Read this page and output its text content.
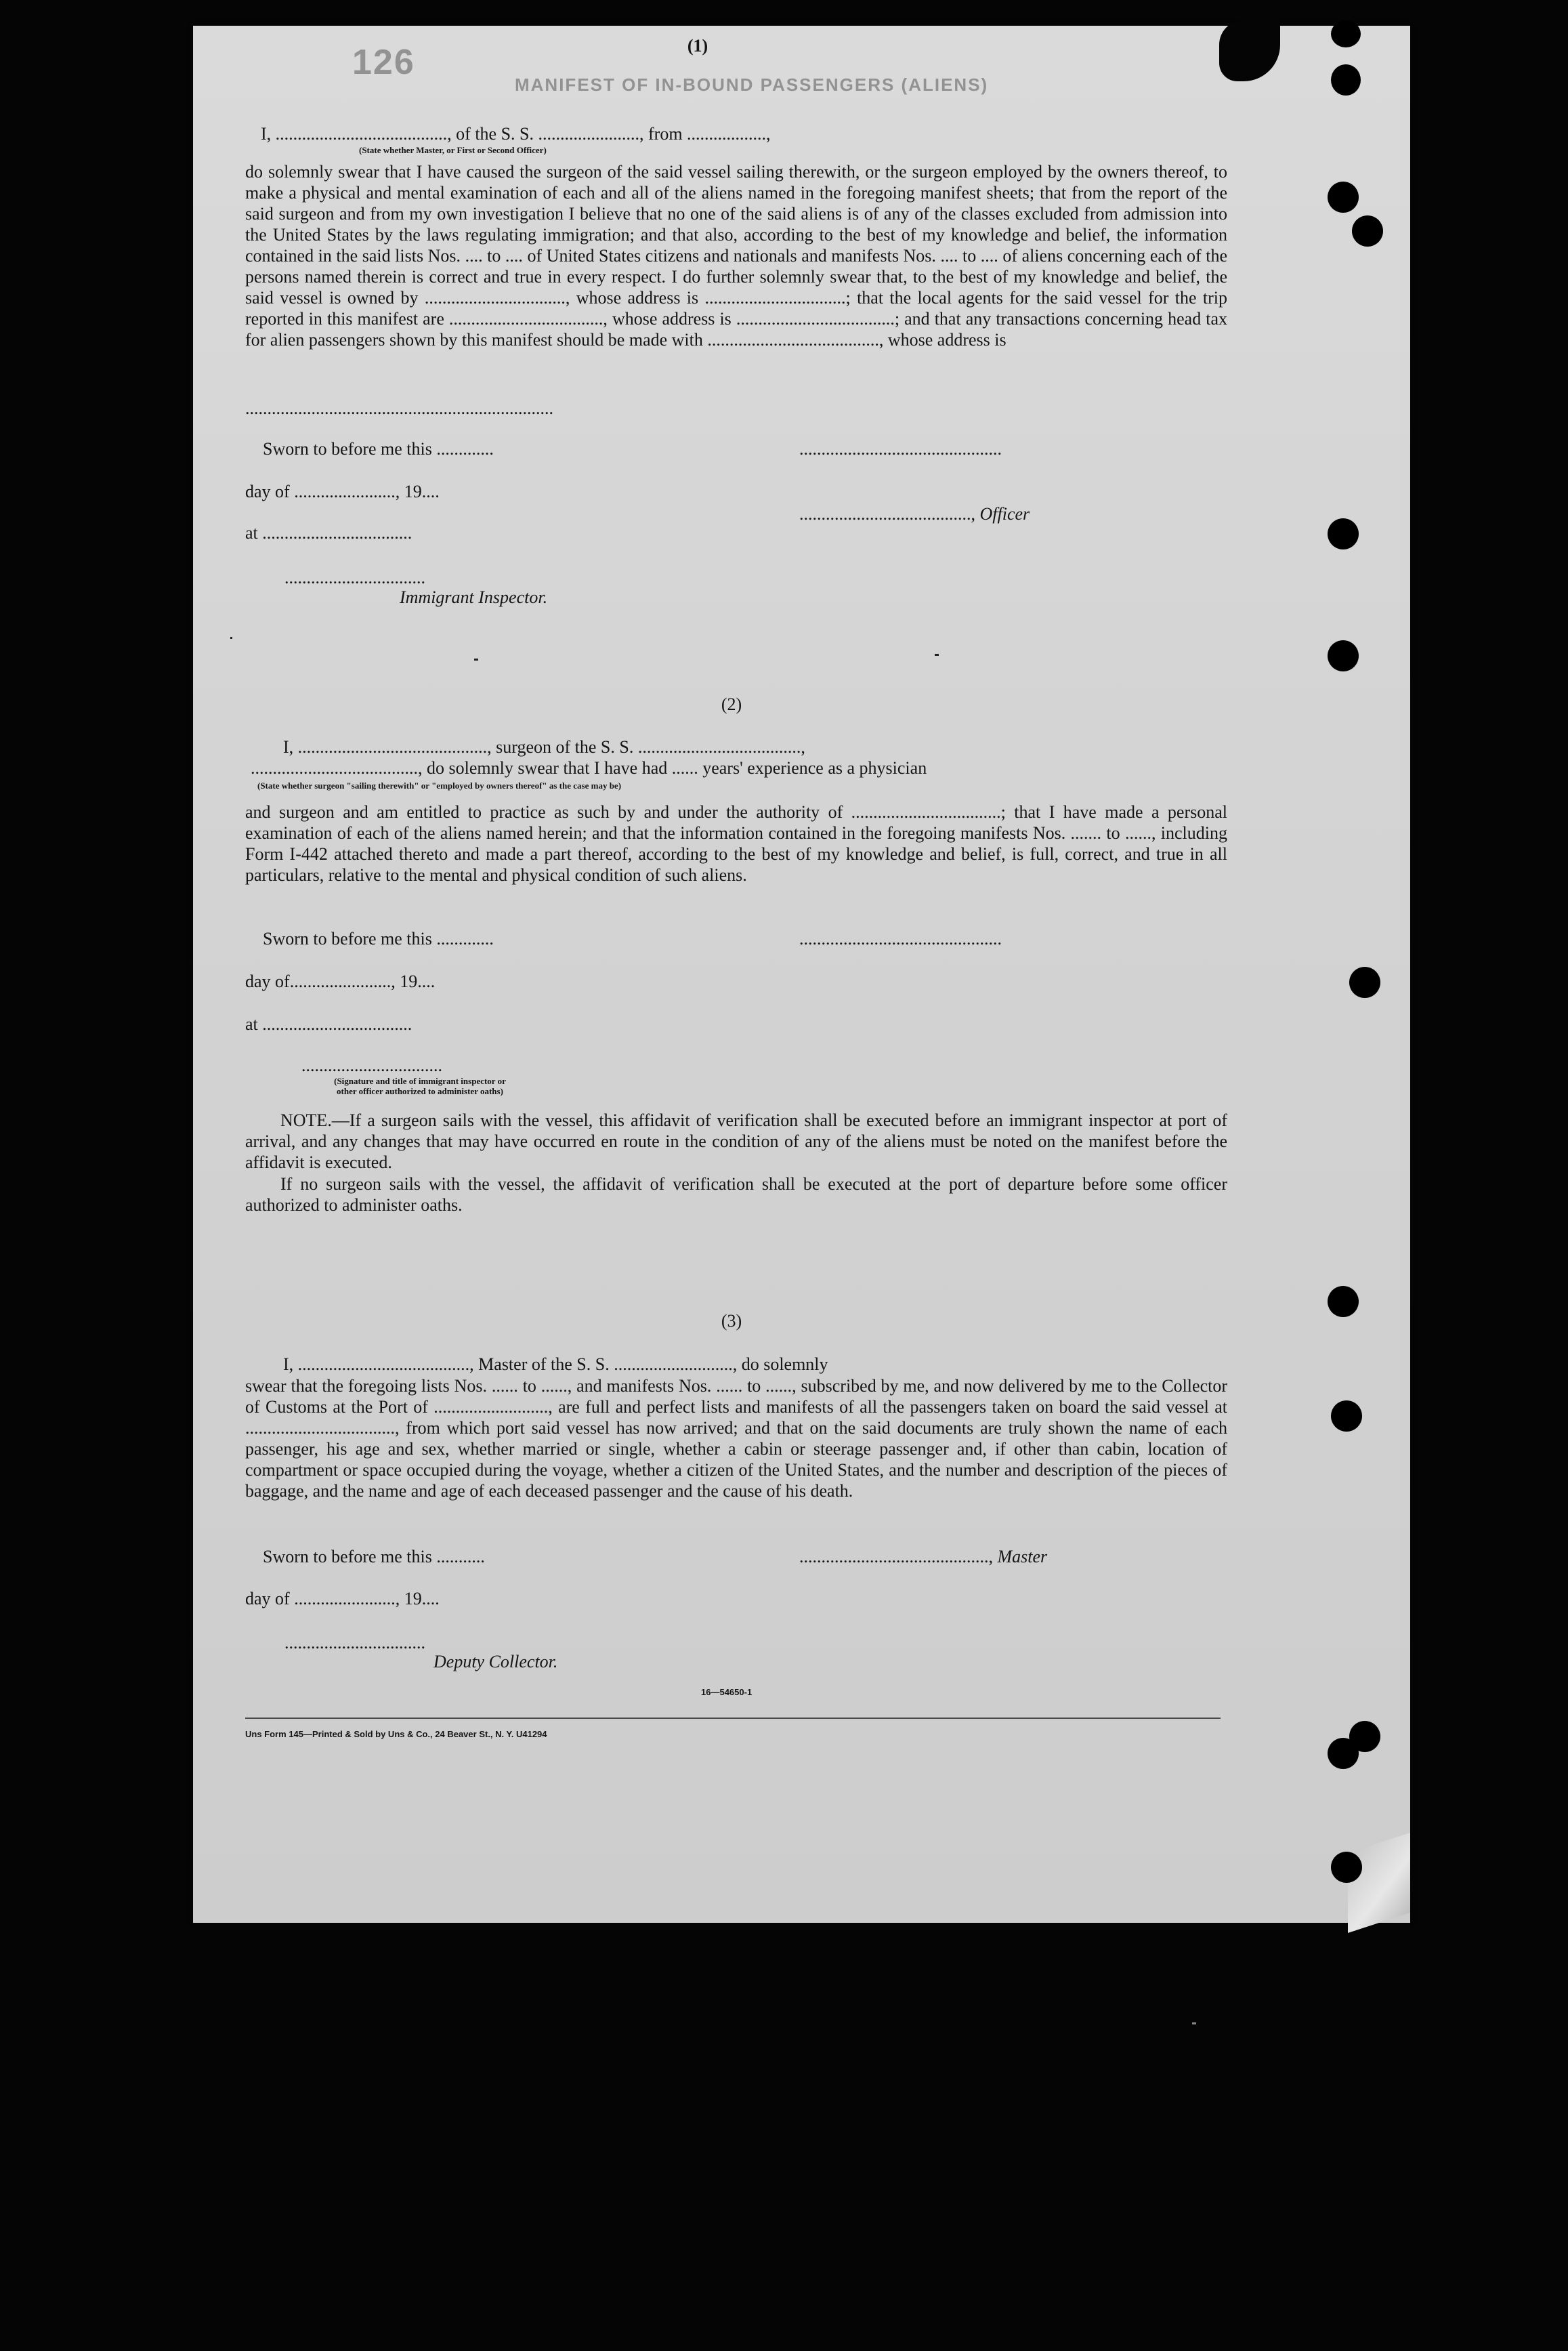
126
MANIFEST OF IN-BOUND PASSENGERS (ALIENS)
(1)
I, ......................................., of the S. S. ......................., from ..................,
(State whether Master, or First or Second Officer)

do solemnly swear that I have caused the surgeon of the said vessel sailing therewith, or the surgeon employed by the owners thereof, to make a physical and mental examination of each and all of the aliens named in the foregoing manifest sheets; that from the report of the said surgeon and from my own investigation I believe that no one of the said aliens is of any of the classes excluded from admission into the United States by the laws regulating immigration; and that also, according to the best of my knowledge and belief, the information contained in the said lists Nos. .... to .... of United States citizens and nationals and manifests Nos. .... to .... of aliens concerning each of the persons named therein is correct and true in every respect. I do further solemnly swear that, to the best of my knowledge and belief, the said vessel is owned by ................................, whose address is ................................; that the local agents for the said vessel for the trip reported in this manifest are ..................................., whose address is ....................................; and that any transactions concerning head tax for alien passengers shown by this manifest should be made with ......................................., whose address is

......................................................................
Sworn to before me this .............	..............................................
day of ......................., 19....
......................................., Officer
at ..................................
................................
Immigrant Inspector.
(2)
I, ..........................................., surgeon of the S. S. .....................................,
......................................, do solemnly swear that I have had ...... years' experience as a physician
(State whether surgeon "sailing therewith" or "employed by owners thereof" as the case may be)

and surgeon and am entitled to practice as such by and under the authority of ..................................; that I have made a personal examination of each of the aliens named herein; and that the information contained in the foregoing manifests Nos. ....... to ......, including Form I-442 attached thereto and made a part thereof, according to the best of my knowledge and belief, is full, correct, and true in all particulars, relative to the mental and physical condition of such aliens.

Sworn to before me this .............	..............................................
day of......................., 19....
at ..................................
................................
(Signature and title of immigrant inspector or
other officer authorized to administer oaths)

NOTE.—If a surgeon sails with the vessel, this affidavit of verification shall be executed before an immigrant inspector at port of arrival, and any changes that may have occurred en route in the condition of any of the aliens must be noted on the manifest before the affidavit is executed.

If no surgeon sails with the vessel, the affidavit of verification shall be executed at the port of departure before some officer authorized to administer oaths.

(3)
I, ......................................., Master of the S. S. ..........................., do solemnly

swear that the foregoing lists Nos. ...... to ......, and manifests Nos. ...... to ......, subscribed by me, and now delivered by me to the Collector of Customs at the Port of .........................., are full and perfect lists and manifests of all the passengers taken on board the said vessel at .................................., from which port said vessel has now arrived; and that on the said documents are truly shown the name of each passenger, his age and sex, whether married or single, whether a cabin or steerage passenger and, if other than cabin, location of compartment or space occupied during the voyage, whether a citizen of the United States, and the number and description of the pieces of baggage, and the name and age of each deceased passenger and the cause of his death.

Sworn to before me this ...........	..........................................., Master
day of ......................., 19....
................................
Deputy Collector.
16—54650-1
Uns Form 145—Printed & Sold by Uns & Co., 24 Beaver St., N. Y. U41294
